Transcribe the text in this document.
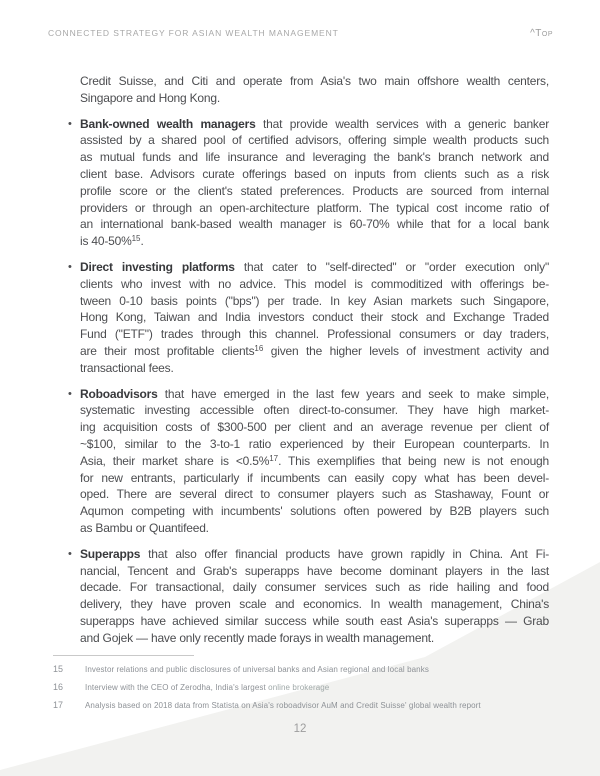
CONNECTED STRATEGY FOR ASIAN WEALTH MANAGEMENT	^Top
Credit Suisse, and Citi and operate from Asia's two main offshore wealth centers,
Singapore and Hong Kong.
• Bank-owned wealth managers that provide wealth services with a generic banker
assisted by a shared pool of certified advisors, offering simple wealth products such
as mutual funds and life insurance and leveraging the bank's branch network and
client base. Advisors curate offerings based on inputs from clients such as a risk
profile score or the client's stated preferences. Products are sourced from internal
providers or through an open-architecture platform. The typical cost income ratio of
an international bank-based wealth manager is 60-70% while that for a local bank
is 40-50%$^{15}$.
• Direct investing platforms that cater to "self-directed" or "order execution only"
clients who invest with no advice. This model is commoditized with offerings be-
tween 0-10 basis points ("bps") per trade. In key Asian markets such Singapore,
Hong Kong, Taiwan and India investors conduct their stock and Exchange Traded
Fund ("ETF") trades through this channel. Professional consumers or day traders,
are their most profitable clients$^{16}$ given the higher levels of investment activity and
transactional fees.
• Roboadvisors that have emerged in the last few years and seek to make simple,
systematic investing accessible often direct-to-consumer. They have high market-
ing acquisition costs of $300-500 per client and an average revenue per client of
~$100, similar to the 3-to-1 ratio experienced by their European counterparts. In
Asia, their market share is <0.5%$^{17}$. This exemplifies that being new is not enough
for new entrants, particularly if incumbents can easily copy what has been devel-
oped. There are several direct to consumer players such as Stashaway, Fount or
Aqumon competing with incumbents' solutions often powered by B2B players such
as Bambu or Quantifeed.
• Superapps that also offer financial products have grown rapidly in China. Ant Fi-
nancial, Tencent and Grab's superapps have become dominant players in the last
decade. For transactional, daily consumer services such as ride hailing and food
delivery, they have proven scale and economics. In wealth management, China's
superapps have achieved similar success while south east Asia's superapps — Grab
and Gojek — have only recently made forays in wealth management.
15	Investor relations and public disclosures of universal banks and Asian regional and local banks
16	Interview with the CEO of Zerodha, India's largest online brokerage
17	Analysis based on 2018 data from Statista on Asia's roboadvisor AuM and Credit Suisse' global wealth report
12
